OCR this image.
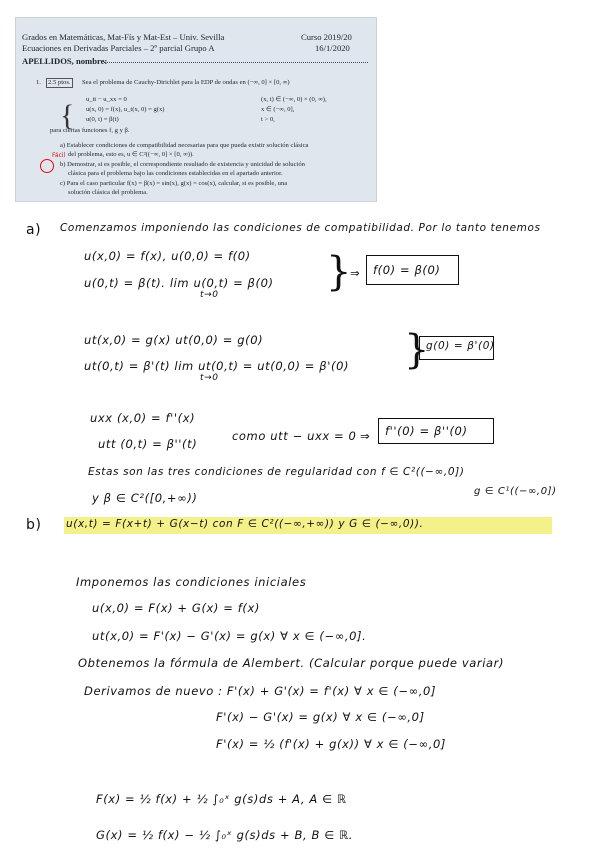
Grados en Matemáticas, Mat-Fís y Mat-Est – Univ. Sevilla
Ecuaciones en Derivadas Parciales – 2º parcial Grupo A
Curso 2019/20
16/1/2020
APELLIDOS, nombre:
1.	2.5 ptos.	Sea el problema de Cauchy-Dirichlet para la EDP de ondas en (−∞, 0] × [0, ∞)
{ u_tt − u_xx = 0	(x, t) ∈ (−∞, 0) × (0, ∞),
u(x, 0) = f(x), u_t(x, 0) = g(x)	x ∈ (−∞, 0],
u(0, t) = β(t)	t > 0,
para ciertas funciones f, g y β.
a) Establecer condiciones de compatibilidad necesarias para que pueda existir solución clásica
del problema, esto es, u ∈ C²((−∞, 0] × [0, ∞)).
b) Demostrar, si es posible, el correspondiente resultado de existencia y unicidad de solución
clásica para el problema bajo las condiciones establecidas en el apartado anterior.
c) Para el caso particular f(x) = β(x) = sin(x), g(x) = cos(x), calcular, si es posible, una
solución clásica del problema.
Fácil
a) Comenzamos imponiendo las condiciones de compatibilidad. Por lo tanto tenemos
u(x,0) = f(x), u(0,0) = f(0)
u(0,t) = β(t). lim u(0,t) = β(0)
t→0	}
⇒	f(0) = β(0)
ut(x,0) = g(x) ut(0,0) = g(0)
ut(0,t) = β'(t) lim ut(0,t) = ut(0,0) = β'(0)
t→0
}
g(0) = β'(0)
uxx (x,0) = f''(x)
utt (0,t) = β''(t)
como utt − uxx = 0 ⇒	f''(0) = β''(0)
Estas son las tres condiciones de regularidad con f ∈ C²((−∞,0])
y β ∈ C²([0,+∞))	g ∈ C¹((−∞,0])
b) u(x,t) = F(x+t) + G(x−t) con F ∈ C²((−∞,+∞)) y G ∈ (−∞,0)).
Imponemos las condiciones iniciales
u(x,0) = F(x) + G(x) = f(x)
ut(x,0) = F'(x) − G'(x) = g(x) ∀ x ∈ (−∞,0].
Obtenemos la fórmula de Alembert. (Calcular porque puede variar)
Derivamos de nuevo : F'(x) + G'(x) = f'(x) ∀ x ∈ (−∞,0]
F'(x) − G'(x) = g(x) ∀ x ∈ (−∞,0]
F'(x) = ½ (f'(x) + g(x)) ∀ x ∈ (−∞,0]
F(x) = ½ f(x) + ½ ∫₀ˣ g(s)ds + A, A ∈ ℝ
G(x) = ½ f(x) − ½ ∫₀ˣ g(s)ds + B, B ∈ ℝ.
